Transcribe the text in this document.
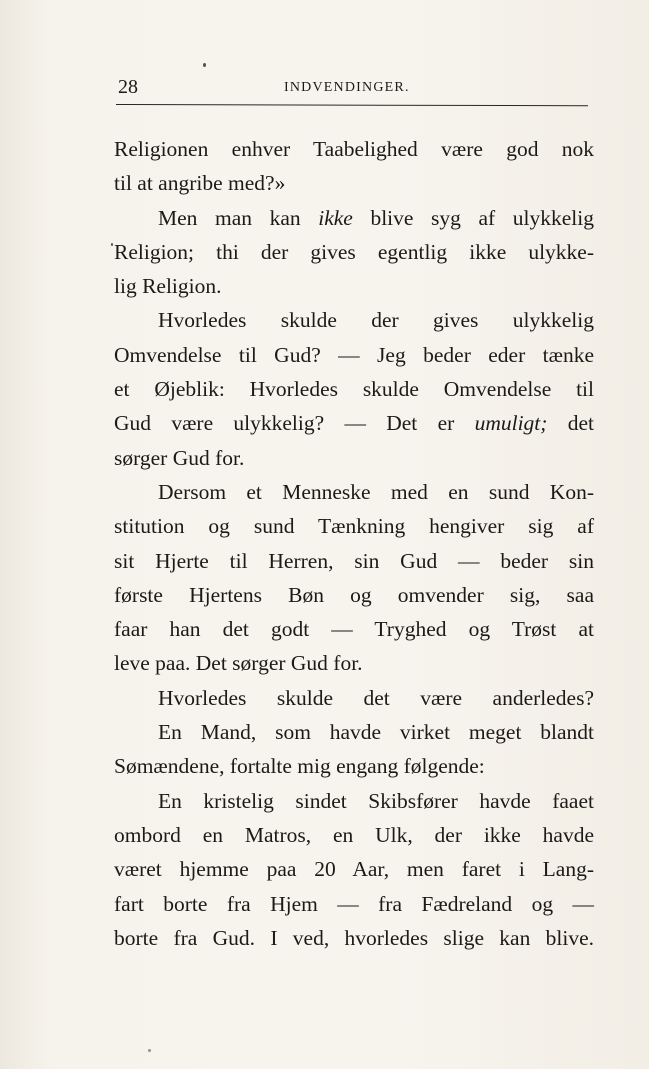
28	INDVENDINGER.
Religionen enhver Taabelighed være god nok
til at angribe med?»
Men man kan ikke blive syg af ulykkelig
Religion; thi der gives egentlig ikke ulykke-
lig Religion.
Hvorledes skulde der gives ulykkelig
Omvendelse til Gud? — Jeg beder eder tænke
et Øjeblik: Hvorledes skulde Omvendelse til
Gud være ulykkelig? — Det er umuligt; det
sørger Gud for.
Dersom et Menneske med en sund Kon-
stitution og sund Tænkning hengiver sig af
sit Hjerte til Herren, sin Gud — beder sin
første Hjertens Bøn og omvender sig, saa
faar han det godt — Tryghed og Trøst at
leve paa. Det sørger Gud for.
Hvorledes skulde det være anderledes?
En Mand, som havde virket meget blandt
Sømændene, fortalte mig engang følgende:
En kristelig sindet Skibsfører havde faaet
ombord en Matros, en Ulk, der ikke havde
været hjemme paa 20 Aar, men faret i Lang-
fart borte fra Hjem — fra Fædreland og —
borte fra Gud. I ved, hvorledes slige kan blive.
